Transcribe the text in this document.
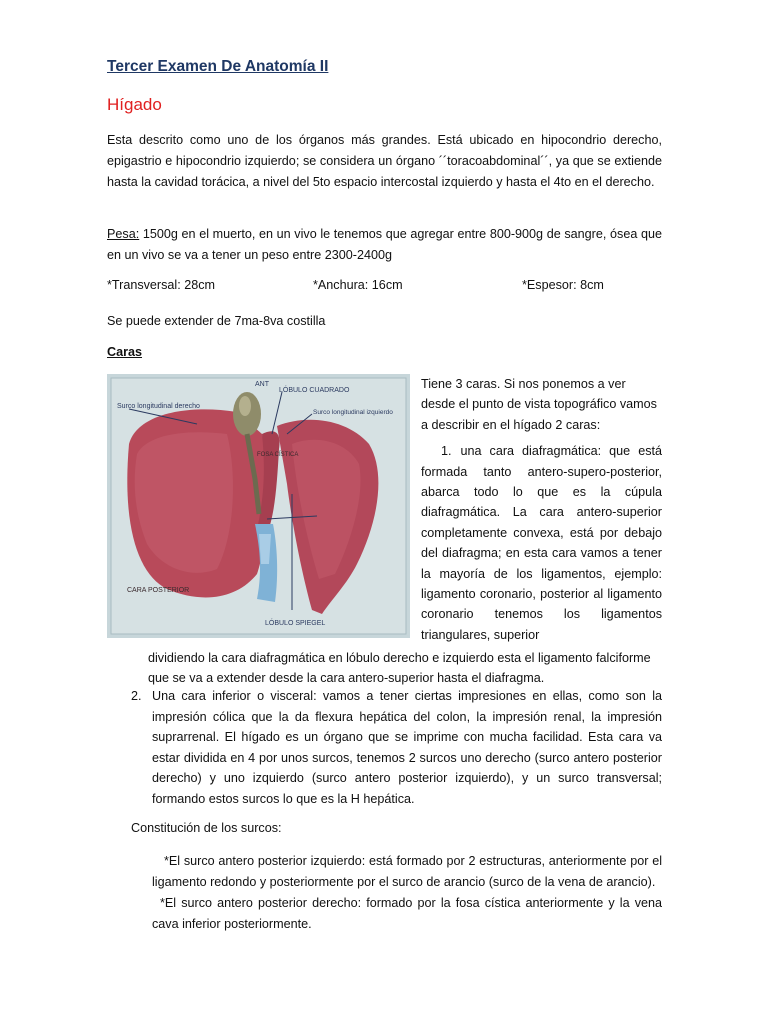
Tercer Examen De Anatomía II
Hígado

Esta descrito como uno de los órganos más grandes. Está ubicado en hipocondrio derecho, epigastrio e hipocondrio izquierdo; se considera un órgano ´´toracoabdominal´´, ya que se extiende hasta la cavidad torácica, a nivel del 5to espacio intercostal izquierdo y hasta el 4to en el derecho.

Pesa: 1500g en el muerto, en un vivo le tenemos que agregar entre 800-900g de sangre, ósea que en un vivo se va a tener un peso entre 2300-2400g

*Transversal: 28cm	*Anchura: 16cm	*Espesor: 8cm

Se puede extender de 7ma-8va costilla

Caras
ANT
LÓBULO CUADRADO
Surco longitudinal derecho
Surco longitudinal izquierdo
FOSA CÍSTICA
CARA POSTERIOR
LÓBULO SPIEGEL

Tiene 3 caras. Si nos ponemos a ver desde el punto de vista topográfico vamos a describir en el hígado 2 caras:

1. una cara diafragmática: que está formada tanto antero-supero-posterior, abarca todo lo que es la cúpula diafragmática. La cara antero-superior completamente convexa, está por debajo del diafragma; en esta cara vamos a tener la mayoría de los ligamentos, ejemplo: ligamento coronario, posterior al ligamento coronario tenemos los ligamentos triangulares, superior

dividiendo la cara diafragmática en lóbulo derecho e izquierdo esta el ligamento falciforme que se va a extender desde la cara antero-superior hasta el diafragma.

2. Una cara inferior o visceral: vamos a tener ciertas impresiones en ellas, como son la impresión cólica que la da flexura hepática del colon, la impresión renal, la impresión suprarrenal. El hígado es un órgano que se imprime con mucha facilidad. Esta cara va estar dividida en 4 por unos surcos, tenemos 2 surcos uno derecho (surco antero posterior derecho) y uno izquierdo (surco antero posterior izquierdo), y un surco transversal; formando estos surcos lo que es la H hepática.

Constitución de los surcos:

*El surco antero posterior izquierdo: está formado por 2 estructuras, anteriormente por el ligamento redondo y posteriormente por el surco de arancio (surco de la vena de arancio).

*El surco antero posterior derecho: formado por la fosa cística anteriormente y la vena cava inferior posteriormente.
